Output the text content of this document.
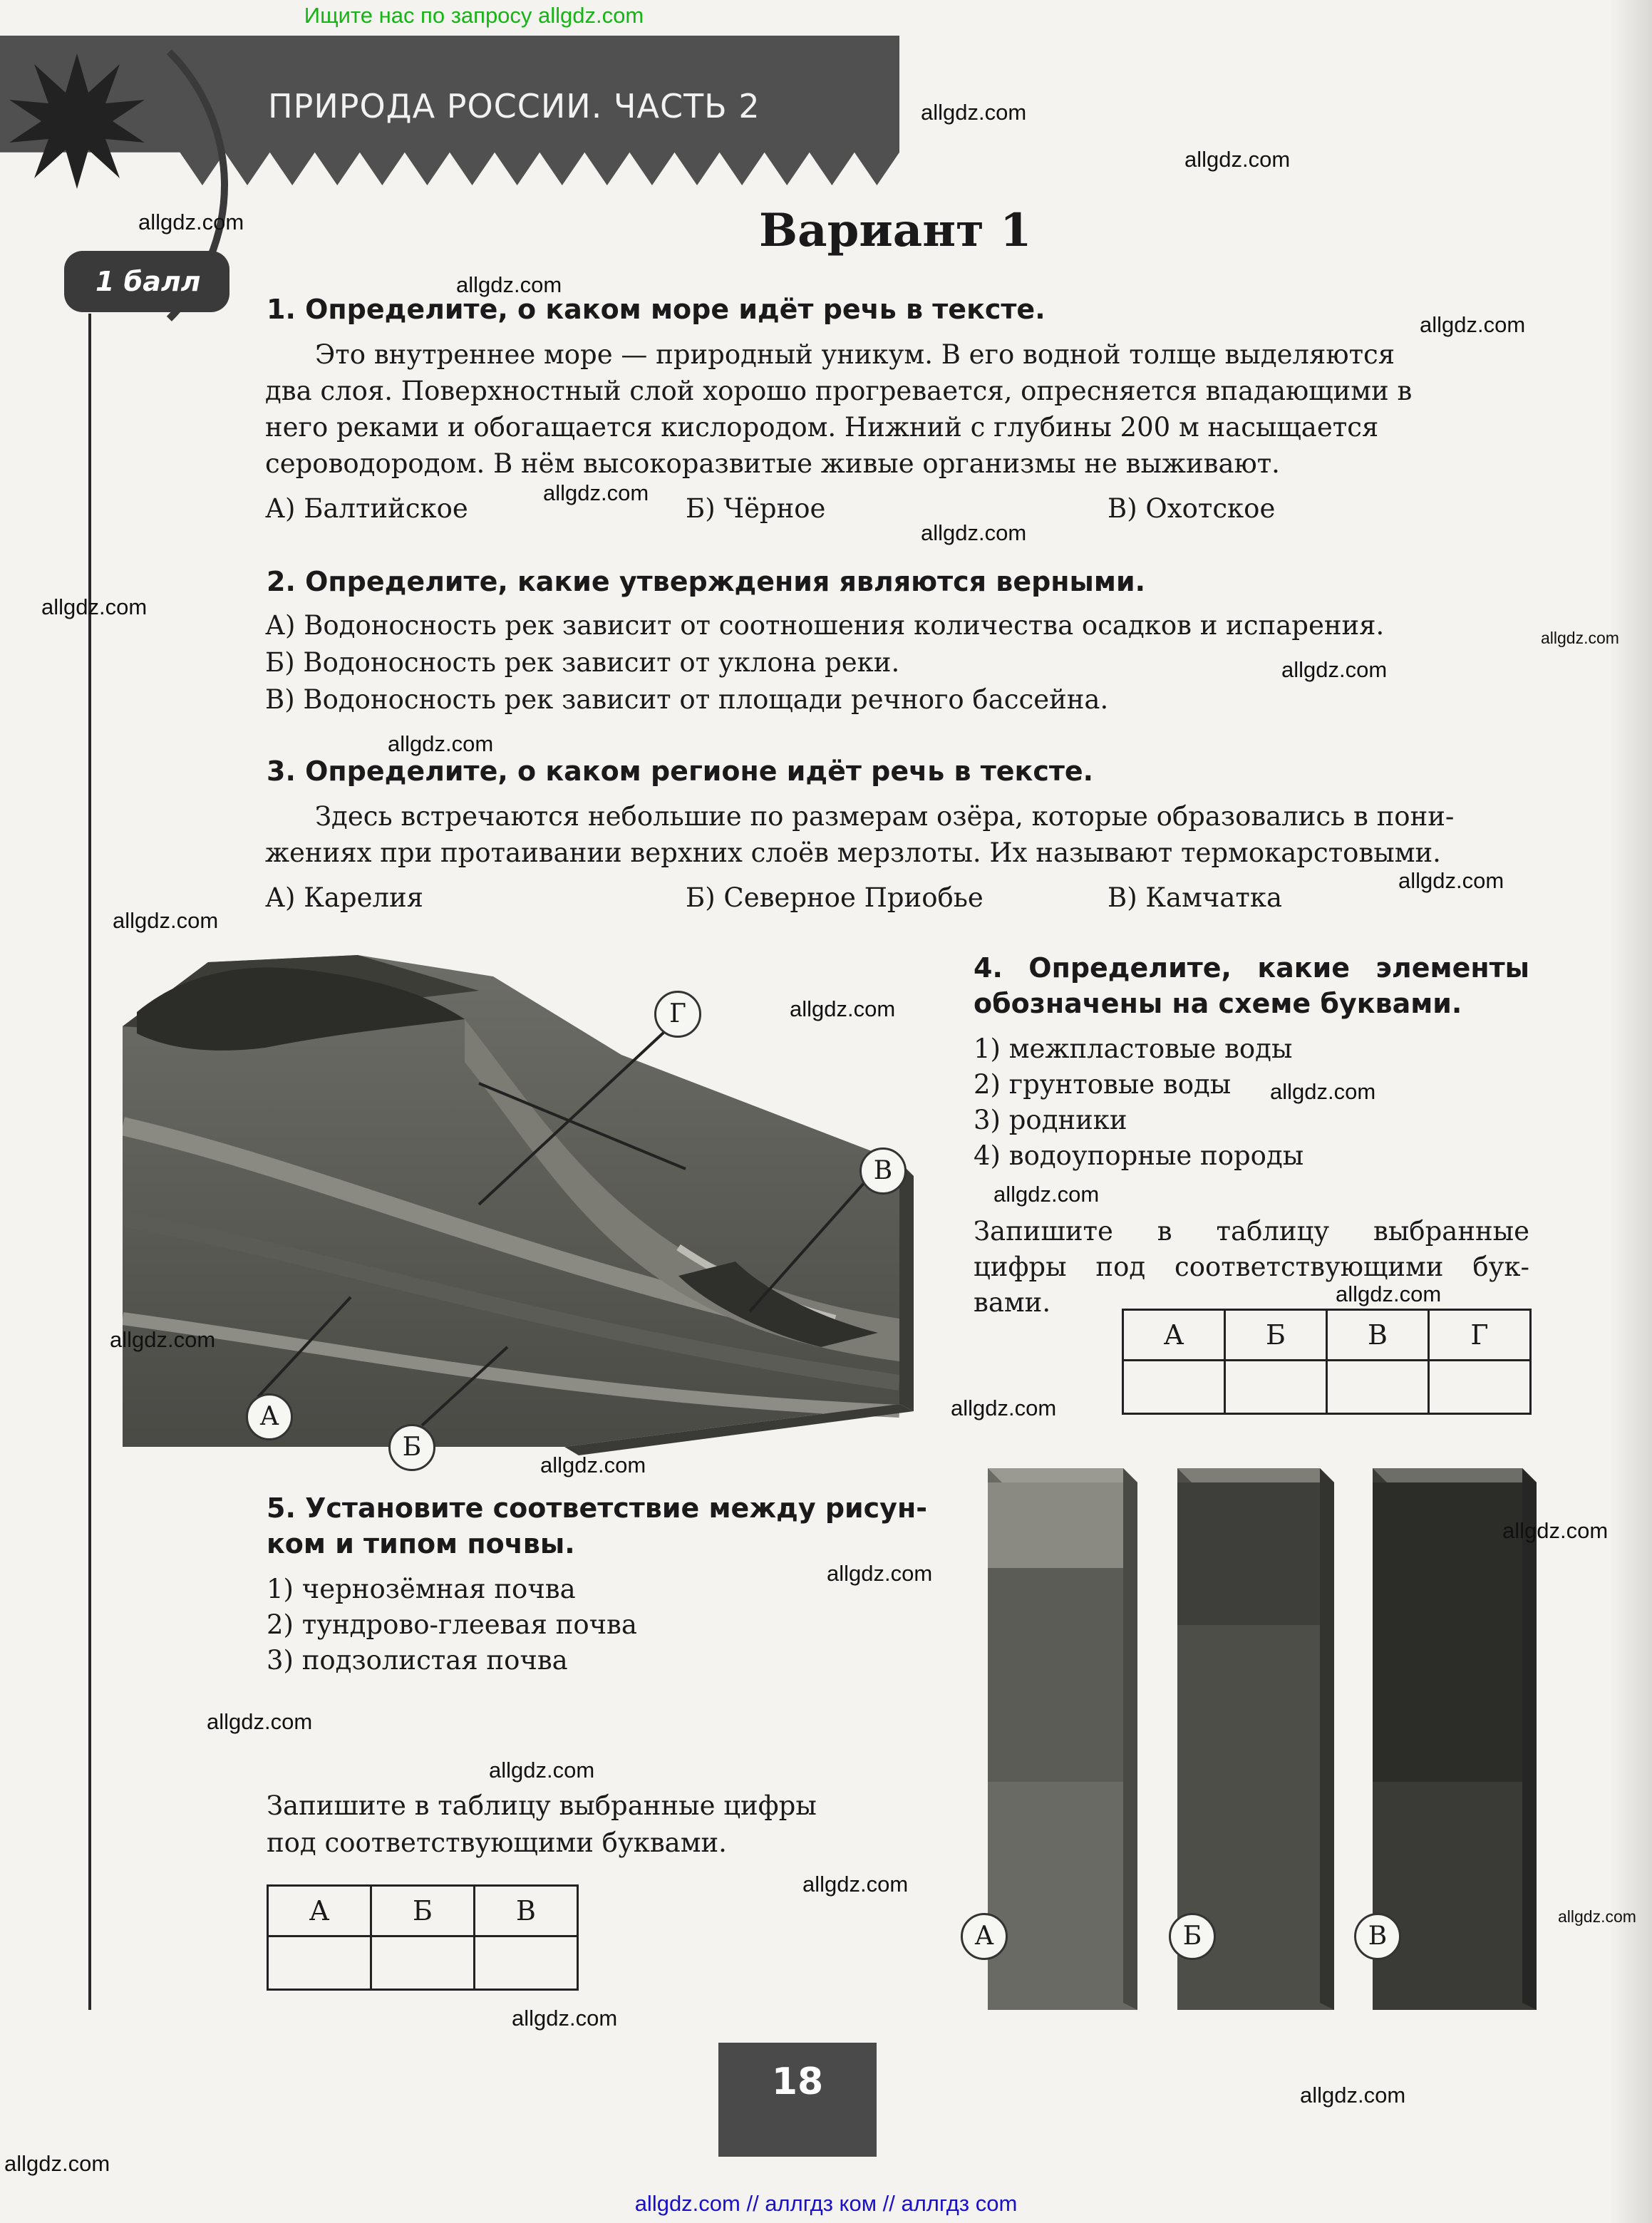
Ищите нас по запросу allgdz.com
allgdz.com // аллгдз ком // аллгдз com
ПРИРОДА РОССИИ. ЧАСТЬ 2
1 балл
Вариант 1
1. Определите, о каком море идёт речь в тексте.
Это внутреннее море — природный уникум. В его водной толще выделяются
два слоя. Поверхностный слой хорошо прогревается, опресняется впадающими в
него реками и обогащается кислородом. Нижний с глубины 200 м насыщается
сероводородом. В нём высокоразвитые живые организмы не выживают.
А) Балтийское	Б) Чёрное	В) Охотское
2. Определите, какие утверждения являются верными.
А) Водоносность рек зависит от соотношения количества осадков и испарения.
Б) Водоносность рек зависит от уклона реки.
В) Водоносность рек зависит от площади речного бассейна.
3. Определите, о каком регионе идёт речь в тексте.
Здесь встречаются небольшие по размерам озёра, которые образовались в пони-
жениях при протаивании верхних слоёв мерзлоты. Их называют термокарстовыми.
А) Карелия	Б) Северное Приобье	В) Камчатка
А
Б
В
Г
4. Определите, какие элементы
обозначены на схеме буквами.
1) межпластовые воды
2) грунтовые воды
3) родники
4) водоупорные породы
Запишите в таблицу выбранные
цифры под соответствующими бук-
вами.
А	Б	В	Г

5. Установите соответствие между рисун-
ком и типом почвы.
1) чернозёмная почва
2) тундрово-глеевая почва
3) подзолистая почва
Запишите в таблицу выбранные цифры
под соответствующими буквами.
А	Б	В

А	Б	В
18
allgdz.com
allgdz.com
allgdz.com
allgdz.com
allgdz.com
allgdz.com
allgdz.com
allgdz.com
allgdz.com
allgdz.com
allgdz.com
allgdz.com
allgdz.com
allgdz.com
allgdz.com
allgdz.com
allgdz.com
allgdz.com
allgdz.com
allgdz.com
allgdz.com
allgdz.com
allgdz.com
allgdz.com
allgdz.com
allgdz.com
allgdz.com
allgdz.com
allgdz.com
